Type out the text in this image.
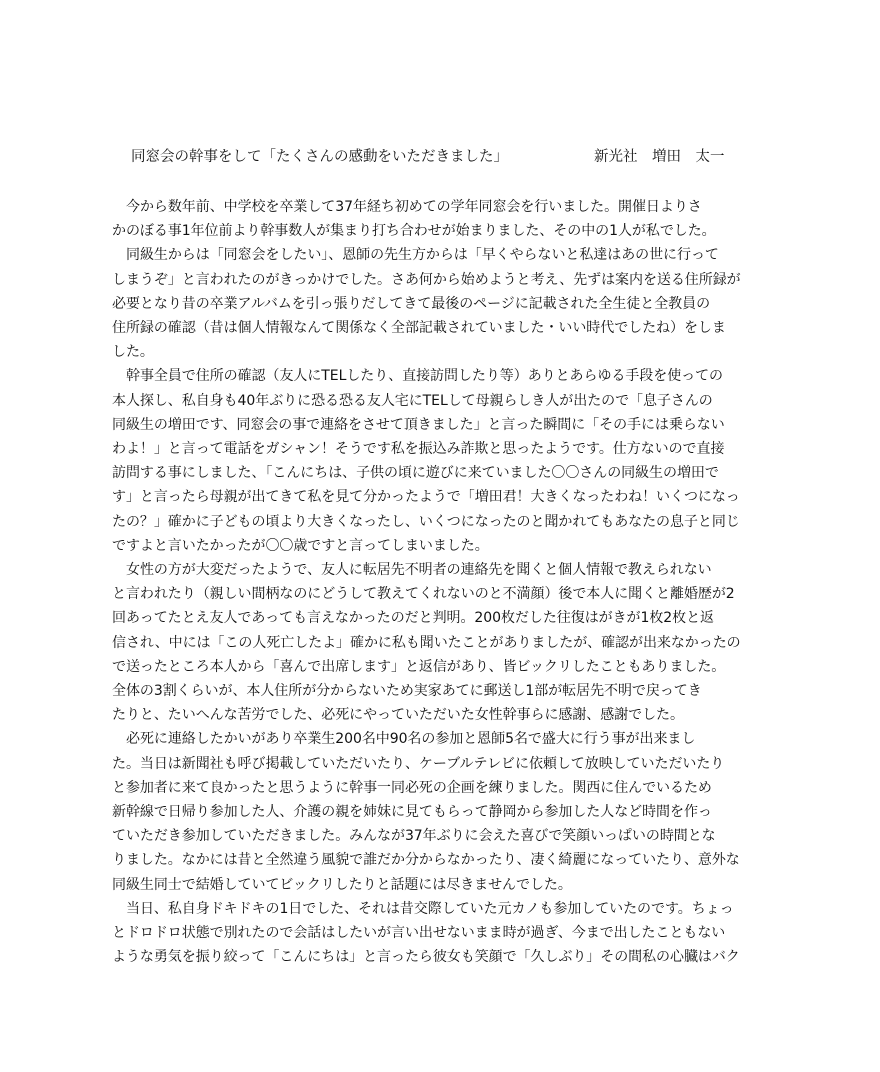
同窓会の幹事をして「たくさんの感動をいただきました」	新光社　増田　太一
今から数年前、中学校を卒業して37年経ち初めての学年同窓会を行いました。開催日よりさ
かのぼる事1年位前より幹事数人が集まり打ち合わせが始まりました、その中の1人が私でした。
同級生からは「同窓会をしたい」、恩師の先生方からは「早くやらないと私達はあの世に行って
しまうぞ」と言われたのがきっかけでした。さあ何から始めようと考え、先ずは案内を送る住所録が
必要となり昔の卒業アルバムを引っ張りだしてきて最後のページに記載された全生徒と全教員の
住所録の確認（昔は個人情報なんて関係なく全部記載されていました・いい時代でしたね）をしま
した。
幹事全員で住所の確認（友人にTELしたり、直接訪問したり等）ありとあらゆる手段を使っての
本人探し、私自身も40年ぶりに恐る恐る友人宅にTELして母親らしき人が出たので「息子さんの
同級生の増田です、同窓会の事で連絡をさせて頂きました」と言った瞬間に「その手には乗らない
わよ！」と言って電話をガシャン！そうです私を振込み詐欺と思ったようです。仕方ないので直接
訪問する事にしました、「こんにちは、子供の頃に遊びに来ていました〇〇さんの同級生の増田で
す」と言ったら母親が出てきて私を見て分かったようで「増田君！大きくなったわね！いくつになっ
たの？」確かに子どもの頃より大きくなったし、いくつになったのと聞かれてもあなたの息子と同じ
ですよと言いたかったが〇〇歳ですと言ってしまいました。
女性の方が大変だったようで、友人に転居先不明者の連絡先を聞くと個人情報で教えられない
と言われたり（親しい間柄なのにどうして教えてくれないのと不満顔）後で本人に聞くと離婚歴が2
回あってたとえ友人であっても言えなかったのだと判明。200枚だした往復はがきが1枚2枚と返
信され、中には「この人死亡したよ」確かに私も聞いたことがありましたが、確認が出来なかったの
で送ったところ本人から「喜んで出席します」と返信があり、皆ビックリしたこともありました。
全体の3割くらいが、本人住所が分からないため実家あてに郵送し1部が転居先不明で戻ってき
たりと、たいへんな苦労でした、必死にやっていただいた女性幹事らに感謝、感謝でした。
必死に連絡したかいがあり卒業生200名中90名の参加と恩師5名で盛大に行う事が出来まし
た。当日は新聞社も呼び掲載していただいたり、ケーブルテレビに依頼して放映していただいたり
と参加者に来て良かったと思うように幹事一同必死の企画を練りました。関西に住んでいるため
新幹線で日帰り参加した人、介護の親を姉妹に見てもらって静岡から参加した人など時間を作っ
ていただき参加していただきました。みんなが37年ぶりに会えた喜びで笑顔いっぱいの時間とな
りました。なかには昔と全然違う風貌で誰だか分からなかったり、凄く綺麗になっていたり、意外な
同級生同士で結婚していてビックリしたりと話題には尽きませんでした。
当日、私自身ドキドキの1日でした、それは昔交際していた元カノも参加していたのです。ちょっ
とドロドロ状態で別れたので会話はしたいが言い出せないまま時が過ぎ、今まで出したこともない
ような勇気を振り絞って「こんにちは」と言ったら彼女も笑顔で「久しぶり」その間私の心臓はバク
